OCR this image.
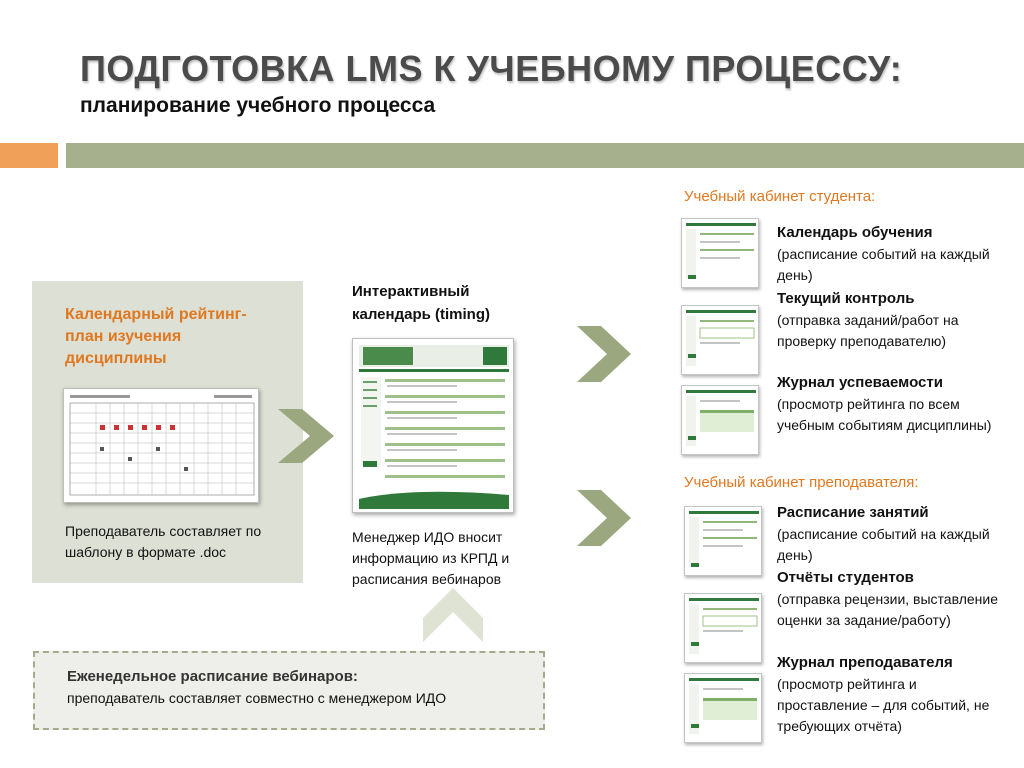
ПОДГОТОВКА LMS К УЧЕБНОМУ ПРОЦЕССУ:
планирование учебного процесса
Календарный рейтинг-план изучения дисциплины
Преподаватель составляет по шаблону в формате .doc
Интерактивный календарь (timing)
Менеджер ИДО вносит информацию из КРПД и расписания вебинаров
Учебный кабинет студента:
Календарь обучения
(расписание событий на каждый день)
Текущий контроль
(отправка заданий/работ на проверку преподавателю)
Журнал успеваемости
(просмотр рейтинга по всем учебным событиям дисциплины)
Учебный кабинет преподавателя:
Расписание занятий
(расписание событий на каждый день)
Отчёты студентов
(отправка рецензии, выставление оценки за задание/работу)
Журнал преподавателя
(просмотр рейтинга и проставление – для событий, не требующих отчёта)
Еженедельное расписание вебинаров:
преподаватель составляет совместно с менеджером ИДО
